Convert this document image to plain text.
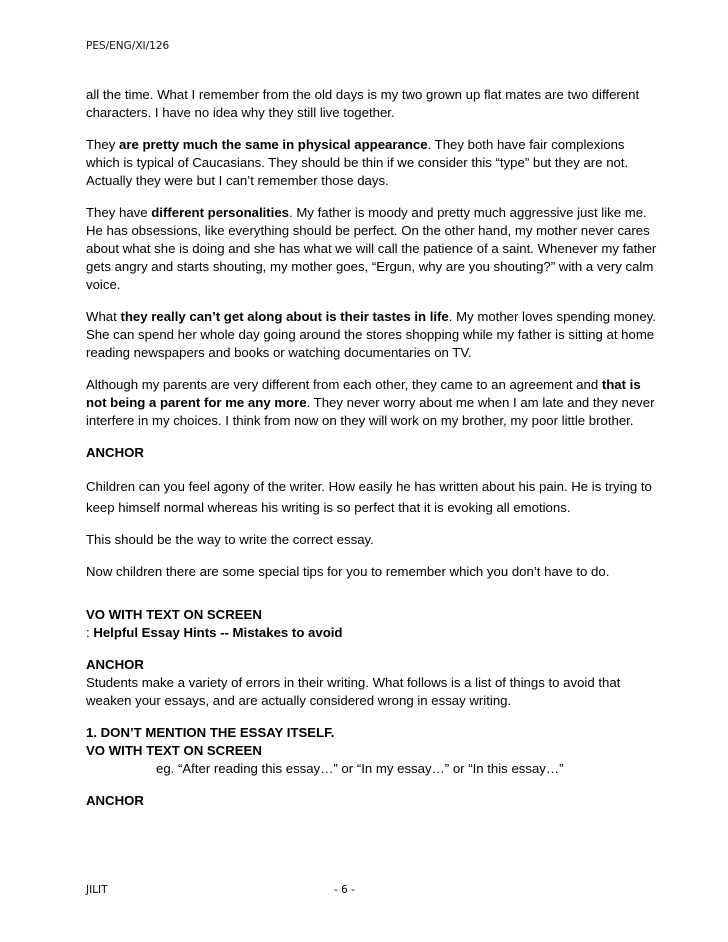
PES/ENG/XI/126

all the time. What I remember from the old days is my two grown up flat mates are two different characters. I have no idea why they still live together.

They are pretty much the same in physical appearance. They both have fair complexions which is typical of Caucasians. They should be thin if we consider this “type” but they are not. Actually they were but I can’t remember those days.

They have different personalities. My father is moody and pretty much aggressive just like me. He has obsessions, like everything should be perfect. On the other hand, my mother never cares about what she is doing and she has what we will call the patience of a saint. Whenever my father gets angry and starts shouting, my mother goes, “Ergun, why are you shouting?” with a very calm voice.

What they really can’t get along about is their tastes in life. My mother loves spending money. She can spend her whole day going around the stores shopping while my father is sitting at home reading newspapers and books or watching documentaries on TV.

Although my parents are very different from each other, they came to an agreement and that is not being a parent for me any more. They never worry about me when I am late and they never interfere in my choices. I think from now on they will work on my brother, my poor little brother.

ANCHOR

Children can you feel agony of the writer. How easily he has written about his pain. He is trying to keep himself normal whereas his writing is so perfect that it is evoking all emotions.

This should be the way to write the correct essay.

Now children there are some special tips for you to remember which you don’t have to do.

VO WITH TEXT ON SCREEN

: Helpful Essay Hints -- Mistakes to avoid

ANCHOR

Students make a variety of errors in their writing. What follows is a list of things to avoid that weaken your essays, and are actually considered wrong in essay writing.

1. DON’T MENTION THE ESSAY ITSELF.

VO WITH TEXT ON SCREEN

eg. “After reading this essay…” or “In my essay…” or “In this essay…”

ANCHOR

JILIT	- 6 -
